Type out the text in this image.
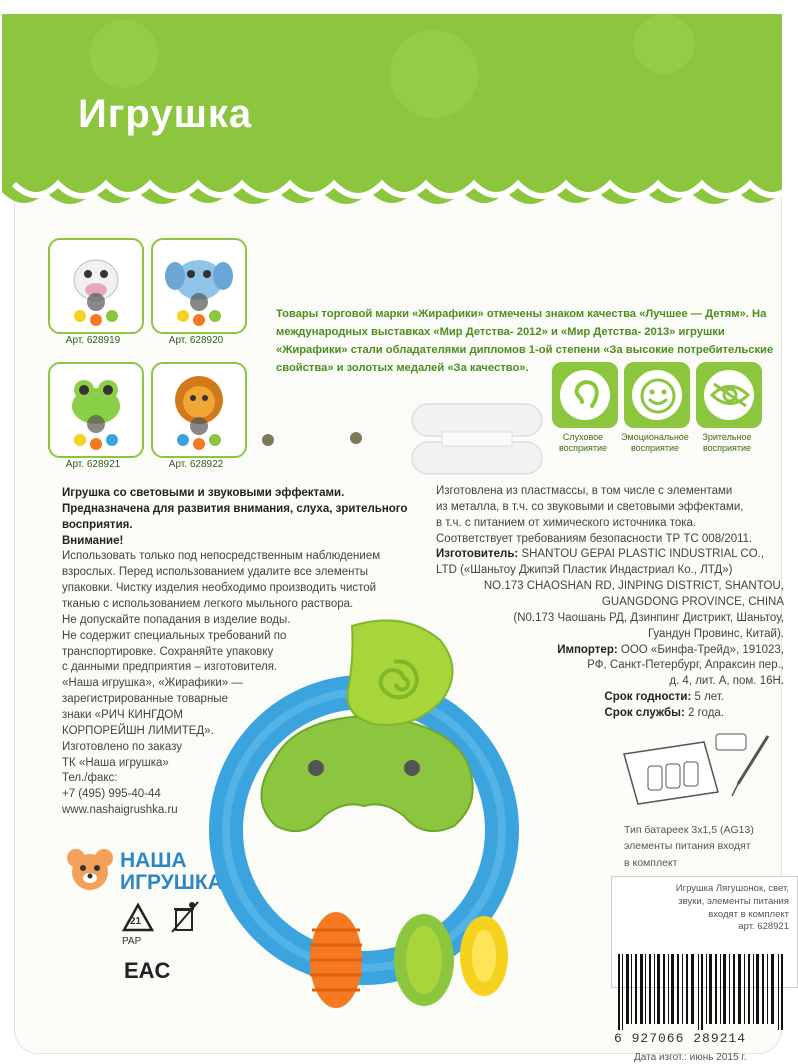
Игрушка
Арт. 628919	Арт. 628920
Арт. 628921	Арт. 628922
Товары торговой марки «Жирафики» отмечены знаком качества «Лучшее — Детям». На международных выставках «Мир Детства- 2012» и «Мир Детства- 2013» игрушки «Жирафики» стали обладателями дипломов 1-ой степени «За высокие потребительские свойства» и золотых медалей «За качество».
Слуховое восприятие
Эмоциональное восприятие
Зрительное восприятие
Игрушка со световыми и звуковыми эффектами. Предназначена для развития внимания, слуха, зрительного восприятия.
Внимание!
Использовать только под непосредственным наблюдением
взрослых. Перед использованием удалите все элементы
упаковки. Чистку изделия необходимо производить чистой
тканью с использованием легкого мыльного раствора.
Не допускайте попадания в изделие воды.
Не содержит специальных требований по
транспортировке. Сохраняйте упаковку
с данными предприятия – изготовителя.
«Наша игрушка», «Жирафики» —
зарегистрированные товарные
знаки «РИЧ КИНГДОМ
КОРПОРЕЙШН ЛИМИТЕД».
Изготовлено по заказу
ТК «Наша игрушка»
Тел./факс:
+7 (495) 995-40-44
www.nashaigrushka.ru
Изготовлена из пластмассы, в том числе с элементами
из металла, в т.ч. со звуковыми и световыми эффектами,
в т.ч. с питанием от химического источника тока.
Соответствует требованиям безопасности ТР ТС 008/2011.
Изготовитель: SHANTOU GEPAI PLASTIC INDUSTRIAL CO.,
LTD («Шаньтоу Джипэй Пластик Индастриал Ко., ЛТД»)
NO.173 CHAOSHAN RD, JINPING DISTRICT, SHANTOU,
GUANGDONG PROVINCE, CHINA
(N0.173 Чаошань РД, Дзинпинг Дистрикт, Шаньтоу,
Гуандун Провинс, Китай).
Импортер: ООО «Бинфа-Трейд», 191023,
РФ, Санкт-Петербург, Апраксин пер.,
д. 4, лит. А, пом. 16Н.
Срок годности: 5 лет.
Срок службы: 2 года.
Тип батареек 3х1,5 (AG13)
элементы питания входят
в комплект
НАША
ИГРУШКА
21
PAP
EAC
Игрушка Лягушонок, свет,
звуки, элементы питания
входят в комплект
арт. 628921
6 927066 289214
Дата изгот.: июнь 2015 г.
